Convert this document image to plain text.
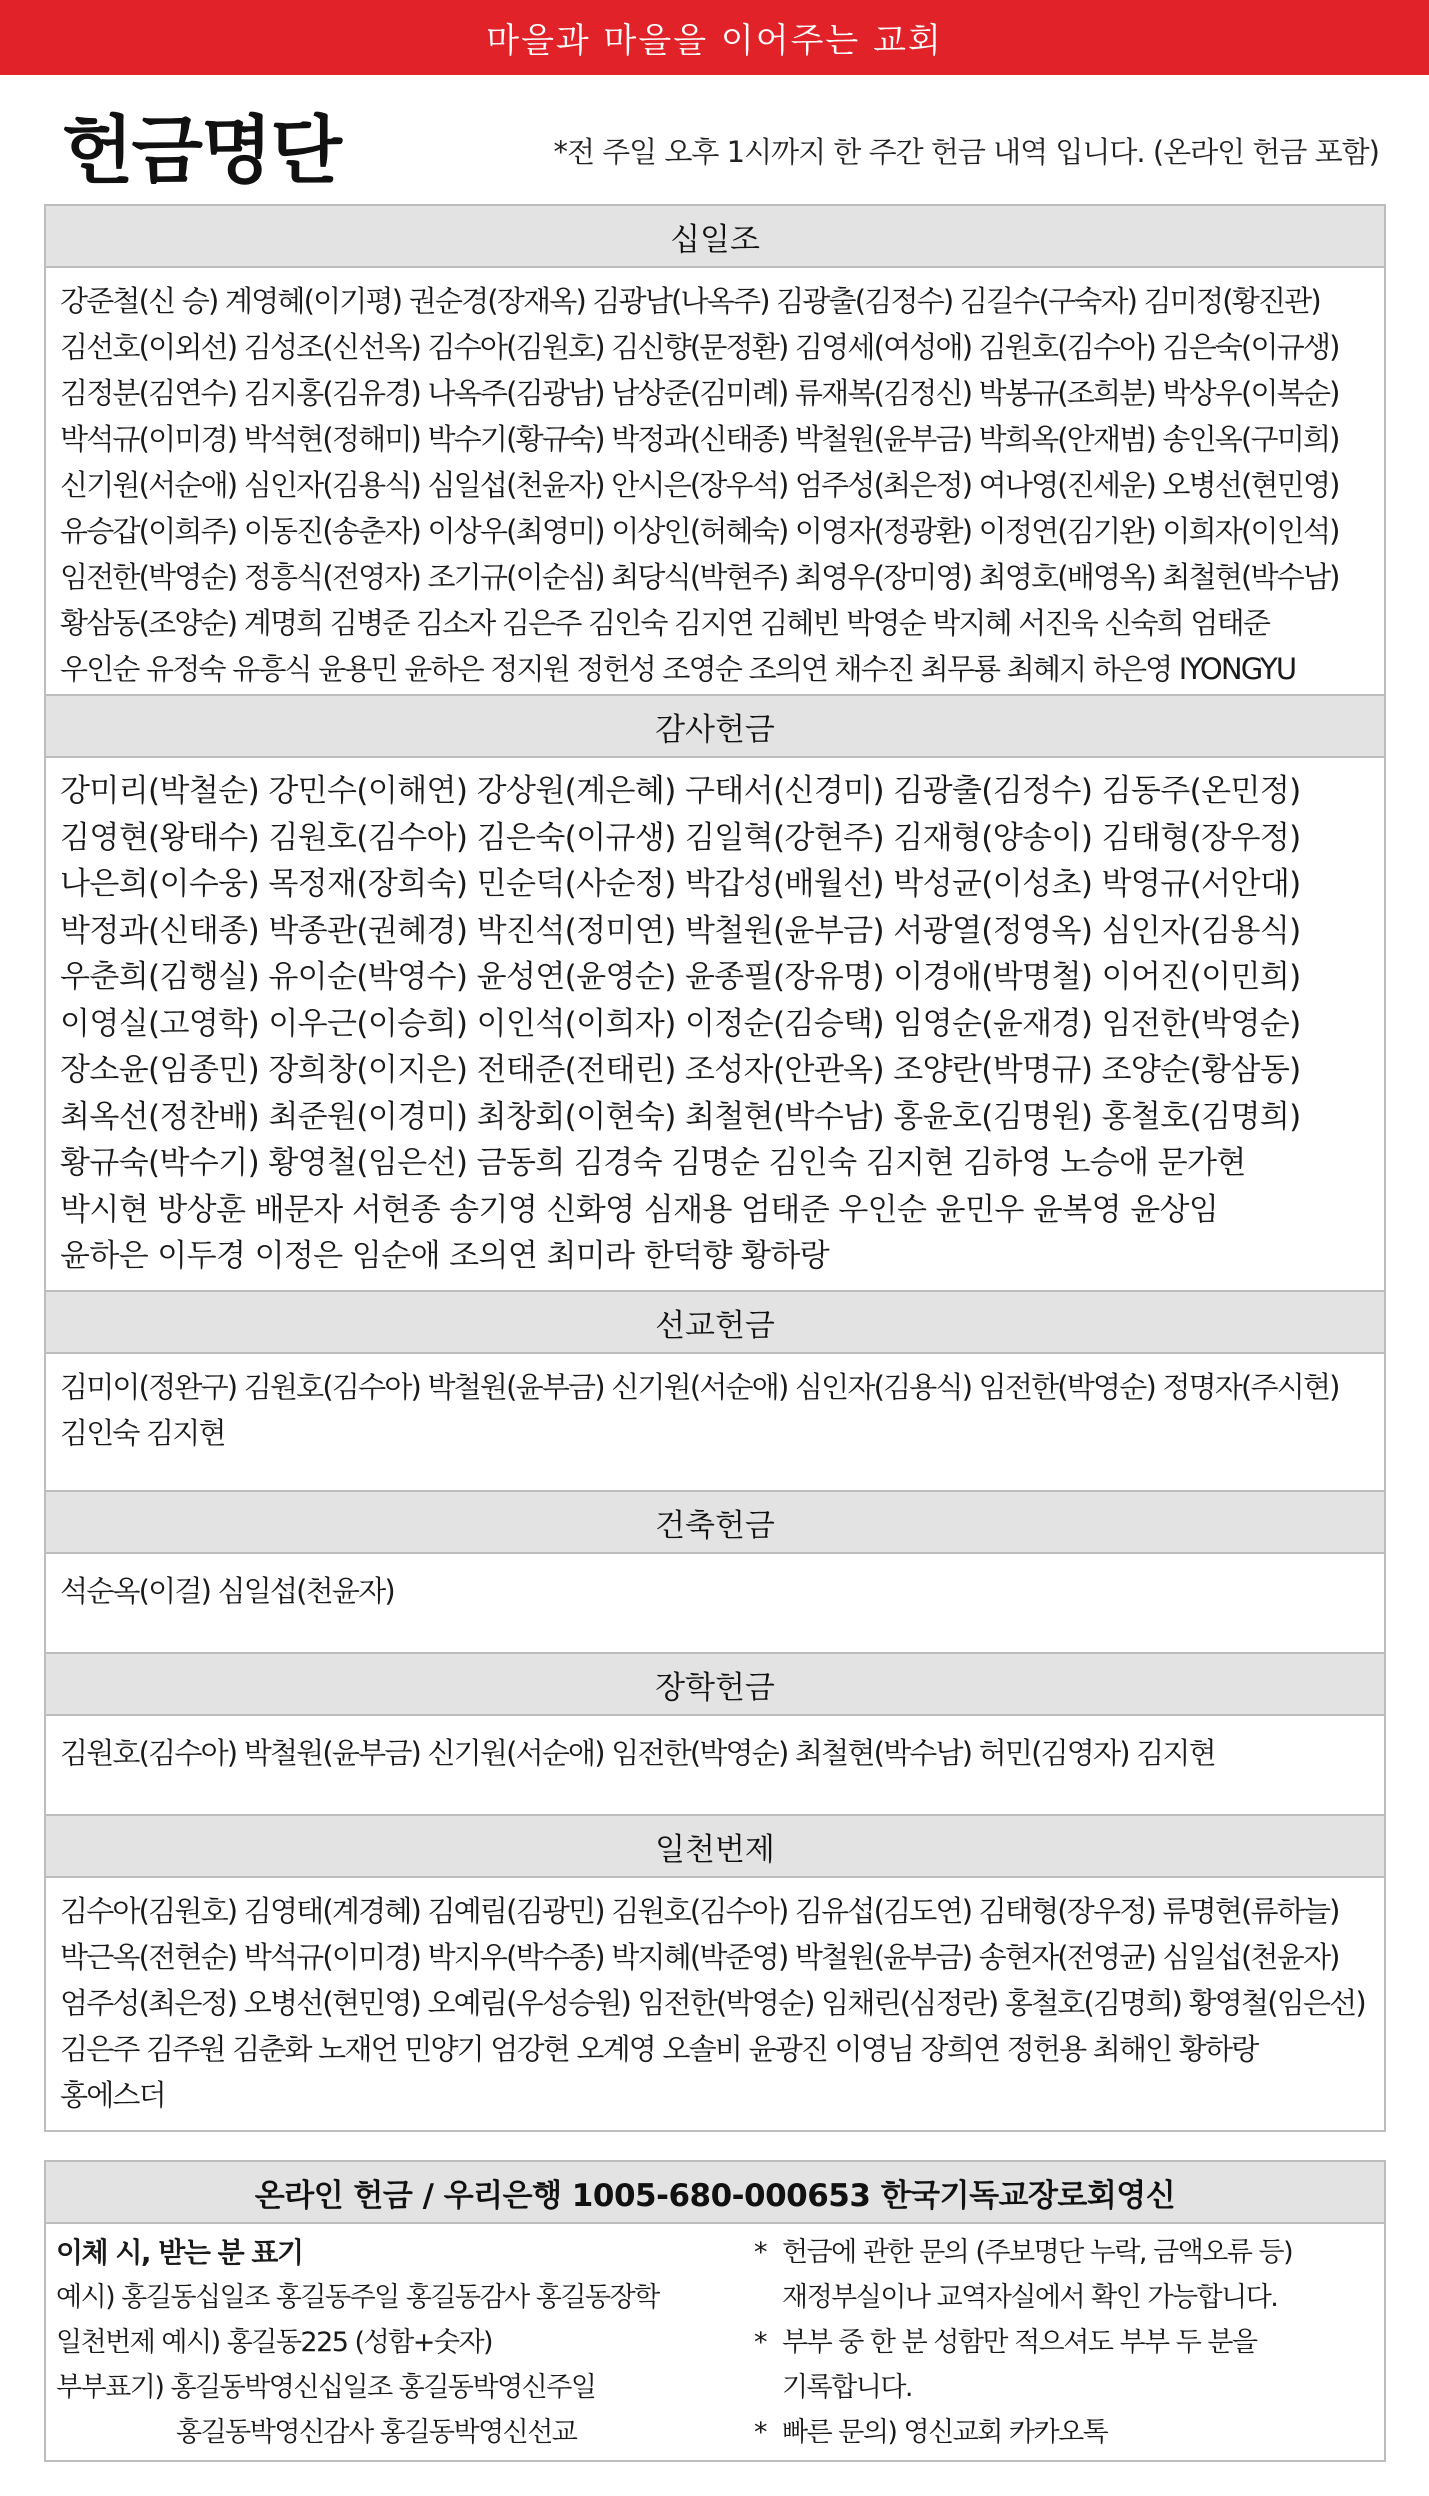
마을과 마을을 이어주는 교회
헌금명단	*전 주일 오후 1시까지 한 주간 헌금 내역 입니다. (온라인 헌금 포함)
십일조
강준철(신 승) 계영혜(이기평) 권순경(장재옥) 김광남(나옥주) 김광출(김정수) 김길수(구숙자) 김미정(황진관)
김선호(이외선) 김성조(신선옥) 김수아(김원호) 김신향(문정환) 김영세(여성애) 김원호(김수아) 김은숙(이규생)
김정분(김연수) 김지홍(김유경) 나옥주(김광남) 남상준(김미례) 류재복(김정신) 박봉규(조희분) 박상우(이복순)
박석규(이미경) 박석현(정해미) 박수기(황규숙) 박정과(신태종) 박철원(윤부금) 박희옥(안재범) 송인옥(구미희)
신기원(서순애) 심인자(김용식) 심일섭(천윤자) 안시은(장우석) 엄주성(최은정) 여나영(진세운) 오병선(현민영)
유승갑(이희주) 이동진(송춘자) 이상우(최영미) 이상인(허혜숙) 이영자(정광환) 이정연(김기완) 이희자(이인석)
임전한(박영순) 정흥식(전영자) 조기규(이순심) 최당식(박현주) 최영우(장미영) 최영호(배영옥) 최철현(박수남)
황삼동(조양순) 계명희 김병준 김소자 김은주 김인숙 김지연 김혜빈 박영순 박지혜 서진욱 신숙희 엄태준
우인순 유정숙 유흥식 윤용민 윤하은 정지원 정헌성 조영순 조의연 채수진 최무룡 최혜지 하은영 IYONGYU
감사헌금
강미리(박철순) 강민수(이해연) 강상원(계은혜) 구태서(신경미) 김광출(김정수) 김동주(온민정)
김영현(왕태수) 김원호(김수아) 김은숙(이규생) 김일혁(강현주) 김재형(양송이) 김태형(장우정)
나은희(이수웅) 목정재(장희숙) 민순덕(사순정) 박갑성(배월선) 박성균(이성초) 박영규(서안대)
박정과(신태종) 박종관(권혜경) 박진석(정미연) 박철원(윤부금) 서광열(정영옥) 심인자(김용식)
우춘희(김행실) 유이순(박영수) 윤성연(윤영순) 윤종필(장유명) 이경애(박명철) 이어진(이민희)
이영실(고영학) 이우근(이승희) 이인석(이희자) 이정순(김승택) 임영순(윤재경) 임전한(박영순)
장소윤(임종민) 장희창(이지은) 전태준(전태린) 조성자(안관옥) 조양란(박명규) 조양순(황삼동)
최옥선(정찬배) 최준원(이경미) 최창회(이현숙) 최철현(박수남) 홍윤호(김명원) 홍철호(김명희)
황규숙(박수기) 황영철(임은선) 금동희 김경숙 김명순 김인숙 김지현 김하영 노승애 문가현
박시현 방상훈 배문자 서현종 송기영 신화영 심재용 엄태준 우인순 윤민우 윤복영 윤상임
윤하은 이두경 이정은 임순애 조의연 최미라 한덕향 황하랑
선교헌금
김미이(정완구) 김원호(김수아) 박철원(윤부금) 신기원(서순애) 심인자(김용식) 임전한(박영순) 정명자(주시현)
김인숙 김지현
건축헌금
석순옥(이걸) 심일섭(천윤자)
장학헌금
김원호(김수아) 박철원(윤부금) 신기원(서순애) 임전한(박영순) 최철현(박수남) 허민(김영자) 김지현
일천번제
김수아(김원호) 김영태(계경혜) 김예림(김광민) 김원호(김수아) 김유섭(김도연) 김태형(장우정) 류명현(류하늘)
박근옥(전현순) 박석규(이미경) 박지우(박수종) 박지혜(박준영) 박철원(윤부금) 송현자(전영균) 심일섭(천윤자)
엄주성(최은정) 오병선(현민영) 오예림(우성승원) 임전한(박영순) 임채린(심정란) 홍철호(김명희) 황영철(임은선)
김은주 김주원 김춘화 노재언 민양기 엄강현 오계영 오솔비 윤광진 이영님 장희연 정헌용 최해인 황하랑
홍에스더
온라인 헌금 / 우리은행 1005-680-000653 한국기독교장로회영신
이체 시, 받는 분 표기
예시) 홍길동십일조 홍길동주일 홍길동감사 홍길동장학
일천번제 예시) 홍길동225 (성함+숫자)
부부표기) 홍길동박영신십일조 홍길동박영신주일
홍길동박영신감사 홍길동박영신선교
* 헌금에 관한 문의 (주보명단 누락, 금액오류 등)
재정부실이나 교역자실에서 확인 가능합니다.
* 부부 중 한 분 성함만 적으셔도 부부 두 분을
기록합니다.
* 빠른 문의) 영신교회 카카오톡
